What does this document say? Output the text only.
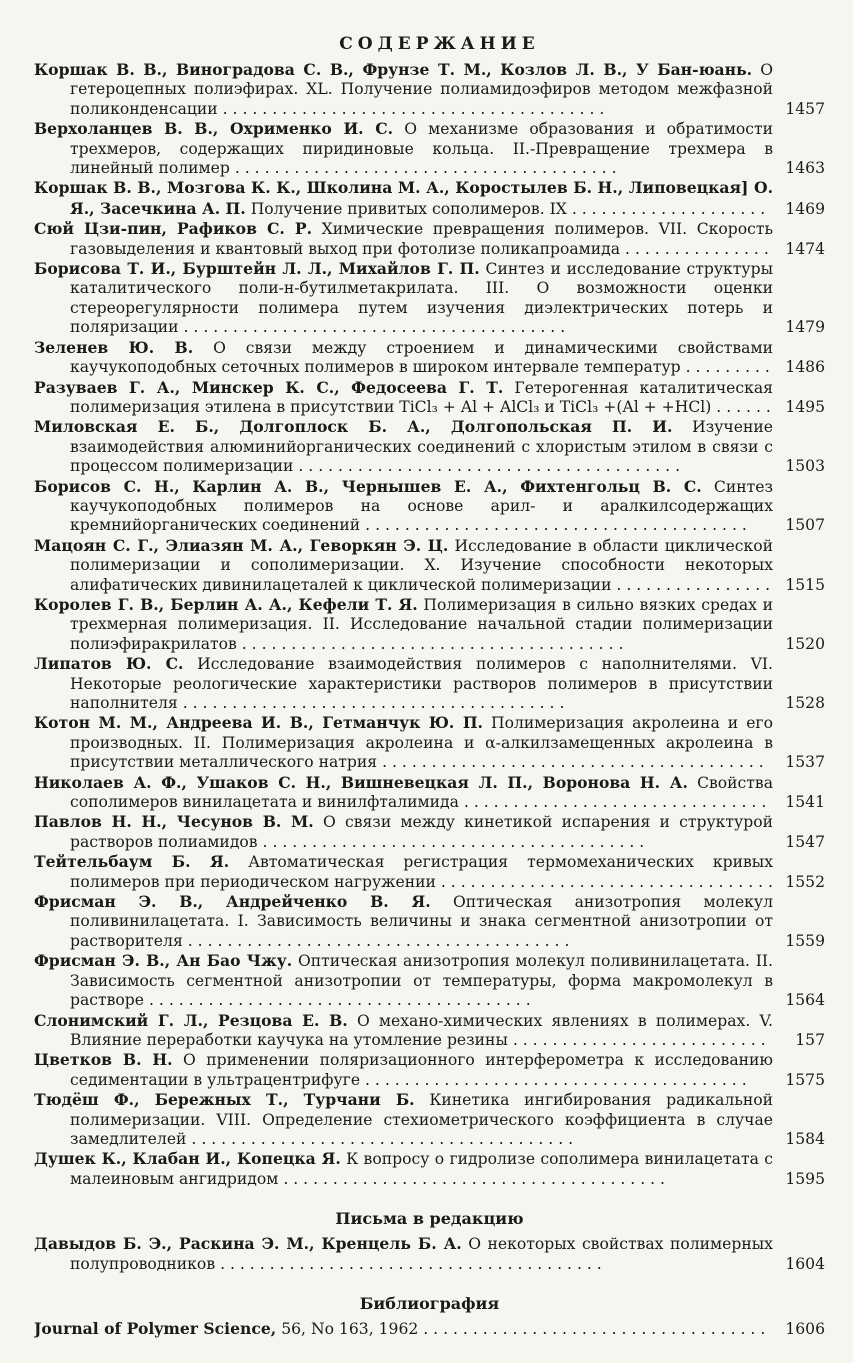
СОДЕРЖАНИЕ
Коршак В. В., Виноградова С. В., Фрунзе Т. М., Козлов Л. В., У Бан-юань. О гетероцепных полиэфирах. XL. Получение полиамидоэфиров методом межфазной поликонденсации . . . . . . . . . . . . . . . . . . . . . . . . . . . . . . . . . . . . . . .	1457
Верхоланцев В. В., Охрименко И. С. О механизме образования и обратимости трехмеров, содержащих пиридиновые кольца. II.-Превращение трехмера в линейный полимер . . . . . . . . . . . . . . . . . . . . . . . . . . . . . . . . . . . . . . .	1463
Коршак В. В., Мозгова К. К., Школина М. А., Коростылев Б. Н., Липовецкая] О. Я., Засечкина А. П. Получение привитых сополимеров. IX . . . . . . . . . . . . . . . . . . . .	1469
Сюй Цзи-пин, Рафиков С. Р. Химические превращения полимеров. VII. Скорость газовыделения и квантовый выход при фотолизе поликапроамида . . . . . . . . . . . . . . .	1474
Борисова Т. И., Бурштейн Л. Л., Михайлов Г. П. Синтез и исследование структуры каталитического поли-н-бутилметакрилата. III. О возможности оценки стереорегулярности полимера путем изучения диэлектрических потерь и поляризации . . . . . . . . . . . . . . . . . . . . . . . . . . . . . . . . . . . . . . .	1479
Зеленев Ю. В. О связи между строением и динамическими свойствами каучукоподобных сеточных полимеров в широком интервале температур . . . . . . . . . 1486
Разуваев Г. А., Минскер К. С., Федосеева Г. Т. Гетерогенная каталитическая полимеризация этилена в присутствии TiCl₃ + Al + AlCl₃ и TiCl₃ +(Al + +HCl) . . . . . . 1495
Миловская Е. Б., Долгоплоск Б. А., Долгопольская П. И. Изучение взаимодействия алюминийорганических соединений с хлористым этилом в связи с процессом полимеризации . . . . . . . . . . . . . . . . . . . . . . . . . . . . . . . . . . . . . . .	1503
Борисов С. Н., Карлин А. В., Чернышев Е. А., Фихтенгольц В. С. Синтез каучукоподобных полимеров на основе арил- и аралкилсодержащих кремнийорганических соединений . . . . . . . . . . . . . . . . . . . . . . . . . . . . . . . . . . . . . . .	1507
Мацоян С. Г., Элиазян М. А., Геворкян Э. Ц. Исследование в области циклической полимеризации и сополимеризации. X. Изучение способности некоторых алифатических дивинилацеталей к циклической полимеризации . . . . . . . . . . . . . . . . 1515
Королев Г. В., Берлин А. А., Кефели Т. Я. Полимеризация в сильно вязких средах и трехмерная полимеризация. II. Исследование начальной стадии полимеризации полиэфиракрилатов . . . . . . . . . . . . . . . . . . . . . . . . . . . . . . . . . . . . . . .	1520
Липатов Ю. С. Исследование взаимодействия полимеров с наполнителями. VI. Некоторые реологические характеристики растворов полимеров в присутствии наполнителя . . . . . . . . . . . . . . . . . . . . . . . . . . . . . . . . . . . . . . .	1528
Котон М. М., Андреева И. В., Гетманчук Ю. П. Полимеризация акролеина и его производных. II. Полимеризация акролеина и α-алкилзамещенных акролеина в присутствии металлического натрия . . . . . . . . . . . . . . . . . . . . . . . . . . . . . . . . . . . . . . .	1537
Николаев А. Ф., Ушаков С. Н., Вишневецкая Л. П., Воронова Н. А. Свойства сополимеров винилацетата и винилфталимида . . . . . . . . . . . . . . . . . . . . . . . . . . . . . . .	1541
Павлов Н. Н., Чесунов В. М. О связи между кинетикой испарения и структурой растворов полиамидов . . . . . . . . . . . . . . . . . . . . . . . . . . . . . . . . . . . . . . .	1547
Тейтельбаум Б. Я. Автоматическая регистрация термомеханических кривых полимеров при периодическом нагружении . . . . . . . . . . . . . . . . . . . . . . . . . . . . . . . . . . 1552
Фрисман Э. В., Андрейченко В. Я. Оптическая анизотропия молекул поливинилацетата. I. Зависимость величины и знака сегментной анизотропии от растворителя . . . . . . . . . . . . . . . . . . . . . . . . . . . . . . . . . . . . . . .	1559
Фрисман Э. В., Ан Бао Чжу. Оптическая анизотропия молекул поливинилацетата. II. Зависимость сегментной анизотропии от температуры, форма макромолекул в растворе . . . . . . . . . . . . . . . . . . . . . . . . . . . . . . . . . . . . . . .	1564
Слонимский Г. Л., Резцова Е. В. О механо-химических явлениях в полимерах. V. Влияние переработки каучука на утомление резины . . . . . . . . . . . . . . . . . . . . . . . . . .	157
Цветков В. Н. О применении поляризационного интерферометра к исследованию седиментации в ультрацентрифуге . . . . . . . . . . . . . . . . . . . . . . . . . . . . . . . . . . . . . . .	1575
Тюдёш Ф., Бережных Т., Турчани Б. Кинетика ингибирования радикальной полимеризации. VIII. Определение стехиометрического коэффициента в случае замедлителей . . . . . . . . . . . . . . . . . . . . . . . . . . . . . . . . . . . . . . .	1584
Душек К., Клабан И., Копецка Я. К вопросу о гидролизе сополимера винилацетата с малеиновым ангидридом . . . . . . . . . . . . . . . . . . . . . . . . . . . . . . . . . . . . . . .	1595
Письма в редакцию
Давыдов Б. Э., Раскина Э. М., Кренцель Б. А. О некоторых свойствах полимерных полупроводников . . . . . . . . . . . . . . . . . . . . . . . . . . . . . . . . . . . . . . .	1604
Библиография
Journal of Polymer Science, 56, No 163, 1962 . . . . . . . . . . . . . . . . . . . . . . . . . . . . . . . . . . .	1606
